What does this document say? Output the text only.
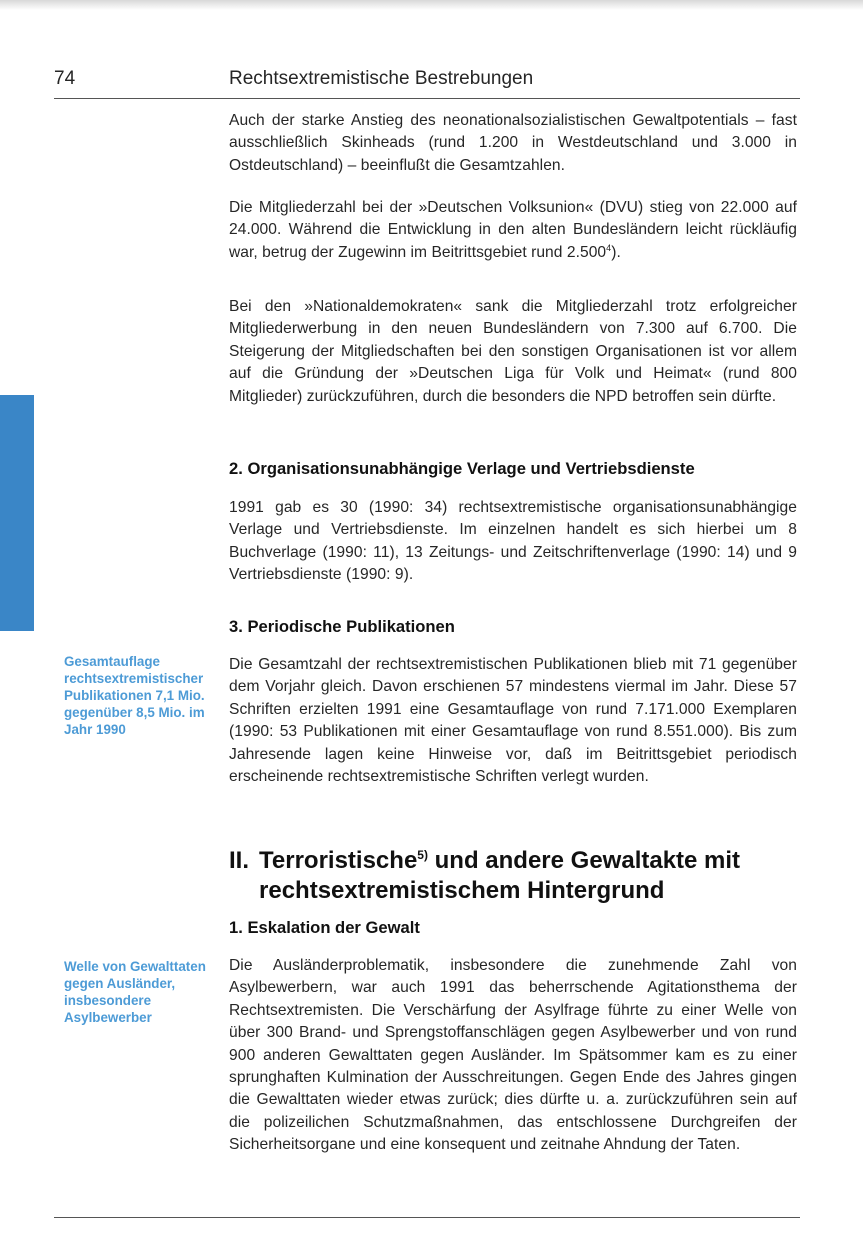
74	Rechtsextremistische Bestrebungen

Auch der starke Anstieg des neonationalsozialistischen Gewaltpotentials – fast ausschließlich Skinheads (rund 1.200 in Westdeutschland und 3.000 in Ostdeutschland) – beeinflußt die Gesamtzahlen.

Die Mitgliederzahl bei der »Deutschen Volksunion« (DVU) stieg von 22.000 auf 24.000. Während die Entwicklung in den alten Bundesländern leicht rückläufig war, betrug der Zugewinn im Beitrittsgebiet rund 2.500$^4$).

Bei den »Nationaldemokraten« sank die Mitgliederzahl trotz erfolgreicher Mitgliederwerbung in den neuen Bundesländern von 7.300 auf 6.700. Die Steigerung der Mitgliedschaften bei den sonstigen Organisationen ist vor allem auf die Gründung der »Deutschen Liga für Volk und Heimat« (rund 800 Mitglieder) zurückzuführen, durch die besonders die NPD betroffen sein dürfte.

2. Organisationsunabhängige Verlage und Vertriebsdienste

1991 gab es 30 (1990: 34) rechtsextremistische organisationsunabhängige Verlage und Vertriebsdienste. Im einzelnen handelt es sich hierbei um 8 Buchverlage (1990: 11), 13 Zeitungs- und Zeitschriftenverlage (1990: 14) und 9 Vertriebsdienste (1990: 9).

3. Periodische Publikationen

Gesamtauflage rechtsextremistischer Publikationen 7,1 Mio. gegenüber 8,5 Mio. im Jahr 1990

Die Gesamtzahl der rechtsextremistischen Publikationen blieb mit 71 gegenüber dem Vorjahr gleich. Davon erschienen 57 mindestens viermal im Jahr. Diese 57 Schriften erzielten 1991 eine Gesamtauflage von rund 7.171.000 Exemplaren (1990: 53 Publikationen mit einer Gesamtauflage von rund 8.551.000). Bis zum Jahresende lagen keine Hinweise vor, daß im Beitrittsgebiet periodisch erscheinende rechtsextremistische Schriften verlegt wurden.

II. Terroristische$^{5)}$ und andere Gewaltakte mit
rechtsextremistischem Hintergrund
1. Eskalation der Gewalt

Welle von Gewalttaten gegen Ausländer, insbesondere Asylbewerber

Die Ausländerproblematik, insbesondere die zunehmende Zahl von Asylbewerbern, war auch 1991 das beherrschende Agitationsthema der Rechtsextremisten. Die Verschärfung der Asylfrage führte zu einer Welle von über 300 Brand- und Sprengstoffanschlägen gegen Asylbewerber und von rund 900 anderen Gewalttaten gegen Ausländer. Im Spätsommer kam es zu einer sprunghaften Kulmination der Ausschreitungen. Gegen Ende des Jahres gingen die Gewalttaten wieder etwas zurück; dies dürfte u. a. zurückzuführen sein auf die polizeilichen Schutzmaßnahmen, das entschlossene Durchgreifen der Sicherheitsorgane und eine konsequent und zeitnahe Ahndung der Taten.
